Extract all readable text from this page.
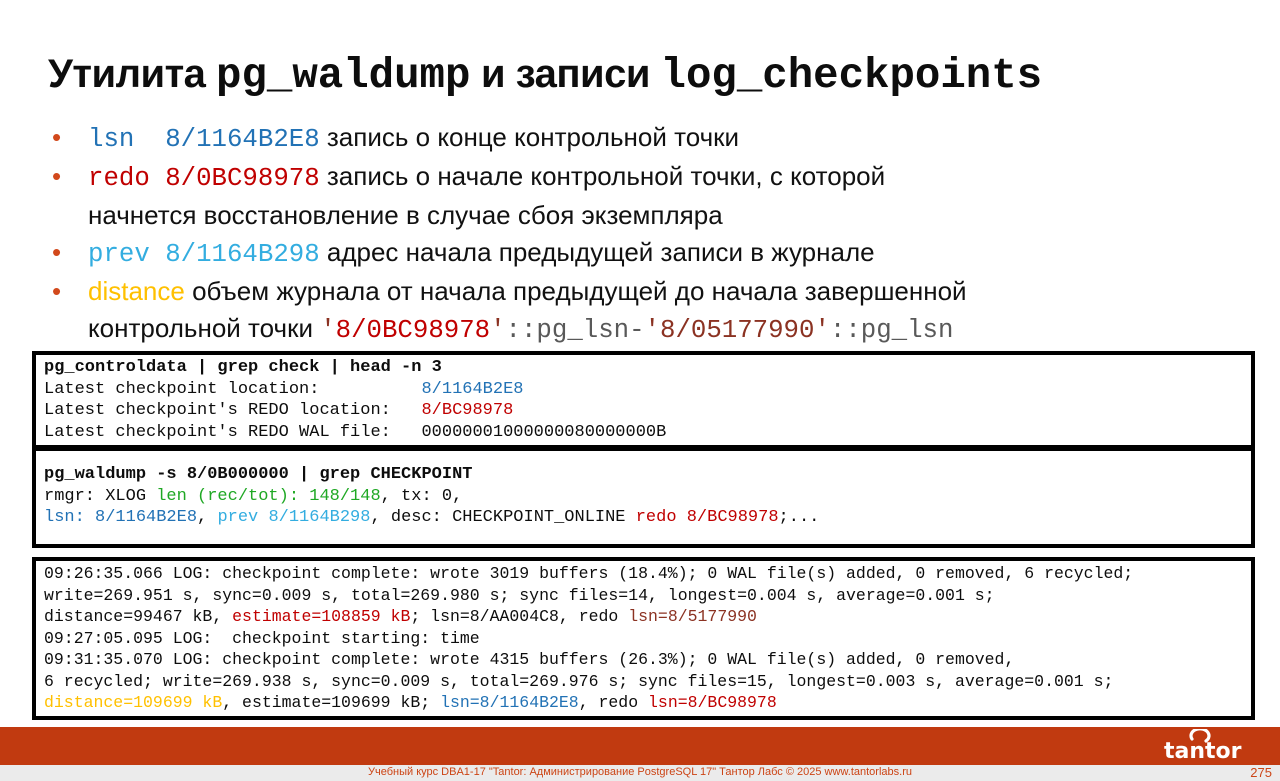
Утилита pg_waldump и записи log_checkpoints
•	lsn  8/1164B2E8 запись о конце контрольной точки
•	redo 8/0BC98978 запись о начале контрольной точки, с которой
начнется восстановление в случае сбоя экземпляра
•	prev 8/1164B298 адрес начала предыдущей записи в журнале
•	distance объем журнала от начала предыдущей до начала завершенной
контрольной точки '8/0BC98978'::pg_lsn-'8/05177990'::pg_lsn
pg_controldata | grep check | head -n 3
Latest checkpoint location:          8/1164B2E8
Latest checkpoint's REDO location:   8/BC98978
Latest checkpoint's REDO WAL file:   00000001000000080000000B
pg_waldump -s 8/0B000000 | grep CHECKPOINT
rmgr: XLOG len (rec/tot): 148/148, tx: 0,
lsn: 8/1164B2E8, prev 8/1164B298, desc: CHECKPOINT_ONLINE redo 8/BC98978;...
09:26:35.066 LOG: checkpoint complete: wrote 3019 buffers (18.4%); 0 WAL file(s) added, 0 removed, 6 recycled;
write=269.951 s, sync=0.009 s, total=269.980 s; sync files=14, longest=0.004 s, average=0.001 s;
distance=99467 kB, estimate=108859 kB; lsn=8/AA004C8, redo lsn=8/5177990
09:27:05.095 LOG:  checkpoint starting: time
09:31:35.070 LOG: checkpoint complete: wrote 4315 buffers (26.3%); 0 WAL file(s) added, 0 removed,
6 recycled; write=269.938 s, sync=0.009 s, total=269.976 s; sync files=15, longest=0.003 s, average=0.001 s;
distance=109699 kB, estimate=109699 kB; lsn=8/1164B2E8, redo lsn=8/BC98978
tantor
Учебный курс DBA1-17 "Tantor: Администрирование PostgreSQL 17" Тантор Лабс © 2025 www.tantorlabs.ru	275
